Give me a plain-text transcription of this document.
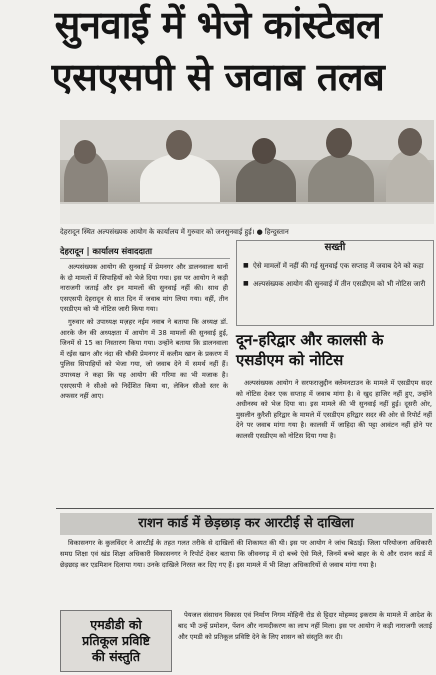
सुनवाई में भेजे कांस्टेबल
एसएसपी से जवाब तलब
देहरादून स्थित अल्पसंख्यक आयोग के कार्यालय में गुरुवार को जनसुनवाई हुई। ● हिन्दुस्तान
देहरादून | कार्यालय संवाददाता

अल्पसंख्यक आयोग की सुनवाई में प्रेमनगर और डालनवाला थानों के दो मामलों में सिपाहियों को भेजे दिया गया। इस पर आयोग ने कड़ी नाराजगी जताई और इन मामलों की सुनवाई नहीं की। साथ ही एसएसपी देहरादून से सात दिन में जवाब मांग लिया गया। वहीं, तीन एसडीएम को भी नोटिस जारी किया गया।

गुरुवार को उपाध्यक्ष मज़हर नईम नवाब ने बताया कि अध्यक्ष डॉ. आरके जैन की अध्यक्षता में आयोग में 38 मामलों की सुनवाई हुई, जिनमें से 15 का निस्तारण किया गया। उन्होंने बताया कि डालनवाला में रईस खान और नंदा की चौकी प्रेमनगर में कलीम खान के प्रकरण में पुलिस सिपाहियों को भेजा गया, जो जवाब देने में समर्थ नहीं हैं। उपाध्यक्ष ने कहा कि यह आयोग की गरिमा का भी मजाक है। एसएसपी ने सीओ को निर्देशित किया था, लेकिन सीओ स्तर के अफसर नहीं आए।

सख्ती
■ ऐसे मामलों में नहीं की गई सुनवाई एक सप्ताह में जवाब देने को कहा
■ अल्पसंख्यक आयोग की सुनवाई में तीन एसडीएम को भी नोटिस जारी
दून-हरिद्वार और कालसी के एसडीएम को नोटिस

अल्पसंख्यक आयोग ने सरफराजुद्दीन क्लेमनटाउन के मामले में एसडीएम सदर को नोटिस देकर एक सप्ताह में जवाब मांगा है। वे खुद हाजिर नहीं हुए, उन्होंने अधीनस्थ को भेज दिया था। इस मामले की भी सुनवाई नहीं हुई। दूसरी ओर, मुसलीन कुरैशी हरिद्वार के मामले में एसडीएम हरिद्वार सदर की ओर से रिपोर्ट नहीं देने पर जवाब मांगा गया है। कालसी में जाहिदा की पट्टा आवंटन नहीं होने पर कालसी एसडीएम को नोटिस दिया गया है।

राशन कार्ड में छेड़छाड़ कर आरटीई से दाखिला

विकासनगर के कुलविंदर ने आरटीई के तहत गलत तरीके से दाखिलों की शिकायत की थी। इस पर आयोग ने जांच बिठाई। जिला परियोजना अधिकारी समग्र शिक्षा एवं खंड शिक्षा अधिकारी विकासनगर ने रिपोर्ट देकर बताया कि जीवनगढ़ में दो बच्चे ऐसे मिले, जिनमें बच्चे बाहर के थे और राशन कार्ड में छेड़छाड़ कर एडमिशन दिलाया गया। उनके दाखिले निरस्त कर दिए गए हैं। इस मामले में भी शिक्षा अधिकारियों से जवाब मांगा गया है।

एमडीडी को
प्रतिकूल प्रविष्टि
की संस्तुति

पेयजल संसाधन विकास एवं निर्माण निगम मोहिनी रोड से ट्टिदार मोहम्मद इकराम के मामले में आदेश के बाद भी उन्हें प्रमोशन, पेंशन और नामदीकरण का लाभ नहीं मिला। इस पर आयोग ने कड़ी नाराजगी जताई और एमडी को प्रतिकूल प्रविष्टि देने के लिए शासन को संस्तुति कर दी।
